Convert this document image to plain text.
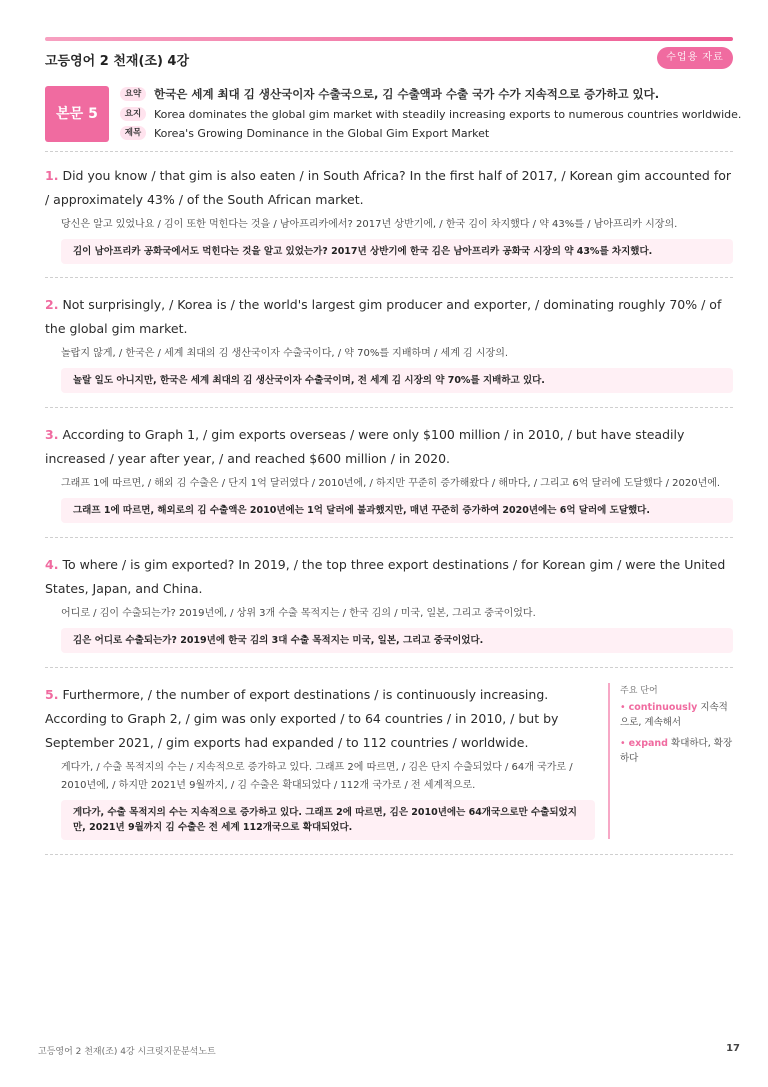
고등영어 2 천재(조) 4강	수업용 자료
본문 5
요약	한국은 세계 최대 김 생산국이자 수출국으로, 김 수출액과 수출 국가 수가 지속적으로 증가하고 있다.
요지	Korea dominates the global gim market with steadily increasing exports to numerous countries worldwide.
제목	Korea's Growing Dominance in the Global Gim Export Market
1. Did you know / that gim is also eaten / in South Africa? In the first half of 2017, / Korean gim accounted for / approximately 43% / of the South African market.
당신은 알고 있었나요 / 김이 또한 먹힌다는 것을 / 남아프리카에서? 2017년 상반기에, / 한국 김이 차지했다 / 약 43%를 / 남아프리카 시장의.
김이 남아프리카 공화국에서도 먹힌다는 것을 알고 있었는가? 2017년 상반기에 한국 김은 남아프리카 공화국 시장의 약 43%를 차지했다.
2. Not surprisingly, / Korea is / the world's largest gim producer and exporter, / dominating roughly 70% / of the global gim market.
놀랍지 않게, / 한국은 / 세계 최대의 김 생산국이자 수출국이다, / 약 70%를 지배하며 / 세계 김 시장의.
놀랄 일도 아니지만, 한국은 세계 최대의 김 생산국이자 수출국이며, 전 세계 김 시장의 약 70%를 지배하고 있다.
3. According to Graph 1, / gim exports overseas / were only $100 million / in 2010, / but have steadily increased / year after year, / and reached $600 million / in 2020.
그래프 1에 따르면, / 해외 김 수출은 / 단지 1억 달러였다 / 2010년에, / 하지만 꾸준히 증가해왔다 / 해마다, / 그리고 6억 달러에 도달했다 / 2020년에.
그래프 1에 따르면, 해외로의 김 수출액은 2010년에는 1억 달러에 불과했지만, 매년 꾸준히 증가하여 2020년에는 6억 달러에 도달했다.
4. To where / is gim exported? In 2019, / the top three export destinations / for Korean gim / were the United States, Japan, and China.
어디로 / 김이 수출되는가? 2019년에, / 상위 3개 수출 목적지는 / 한국 김의 / 미국, 일본, 그리고 중국이었다.
김은 어디로 수출되는가? 2019년에 한국 김의 3대 수출 목적지는 미국, 일본, 그리고 중국이었다.
5. Furthermore, / the number of export destinations / is continuously increasing. According to Graph 2, / gim was only exported / to 64 countries / in 2010, / but by September 2021, / gim exports had expanded / to 112 countries / worldwide.
게다가, / 수출 목적지의 수는 / 지속적으로 증가하고 있다. 그래프 2에 따르면, / 김은 단지 수출되었다 / 64개 국가로 / 2010년에, / 하지만 2021년 9월까지, / 김 수출은 확대되었다 / 112개 국가로 / 전 세계적으로.
게다가, 수출 목적지의 수는 지속적으로 증가하고 있다. 그래프 2에 따르면, 김은 2010년에는 64개국으로만 수출되었지만, 2021년 9월까지 김 수출은 전 세계 112개국으로 확대되었다.
주요 단어
• continuously 지속적으로, 계속해서
• expand 확대하다, 확장하다
고등영어 2 천재(조) 4강 시크릿지문분석노트	17
